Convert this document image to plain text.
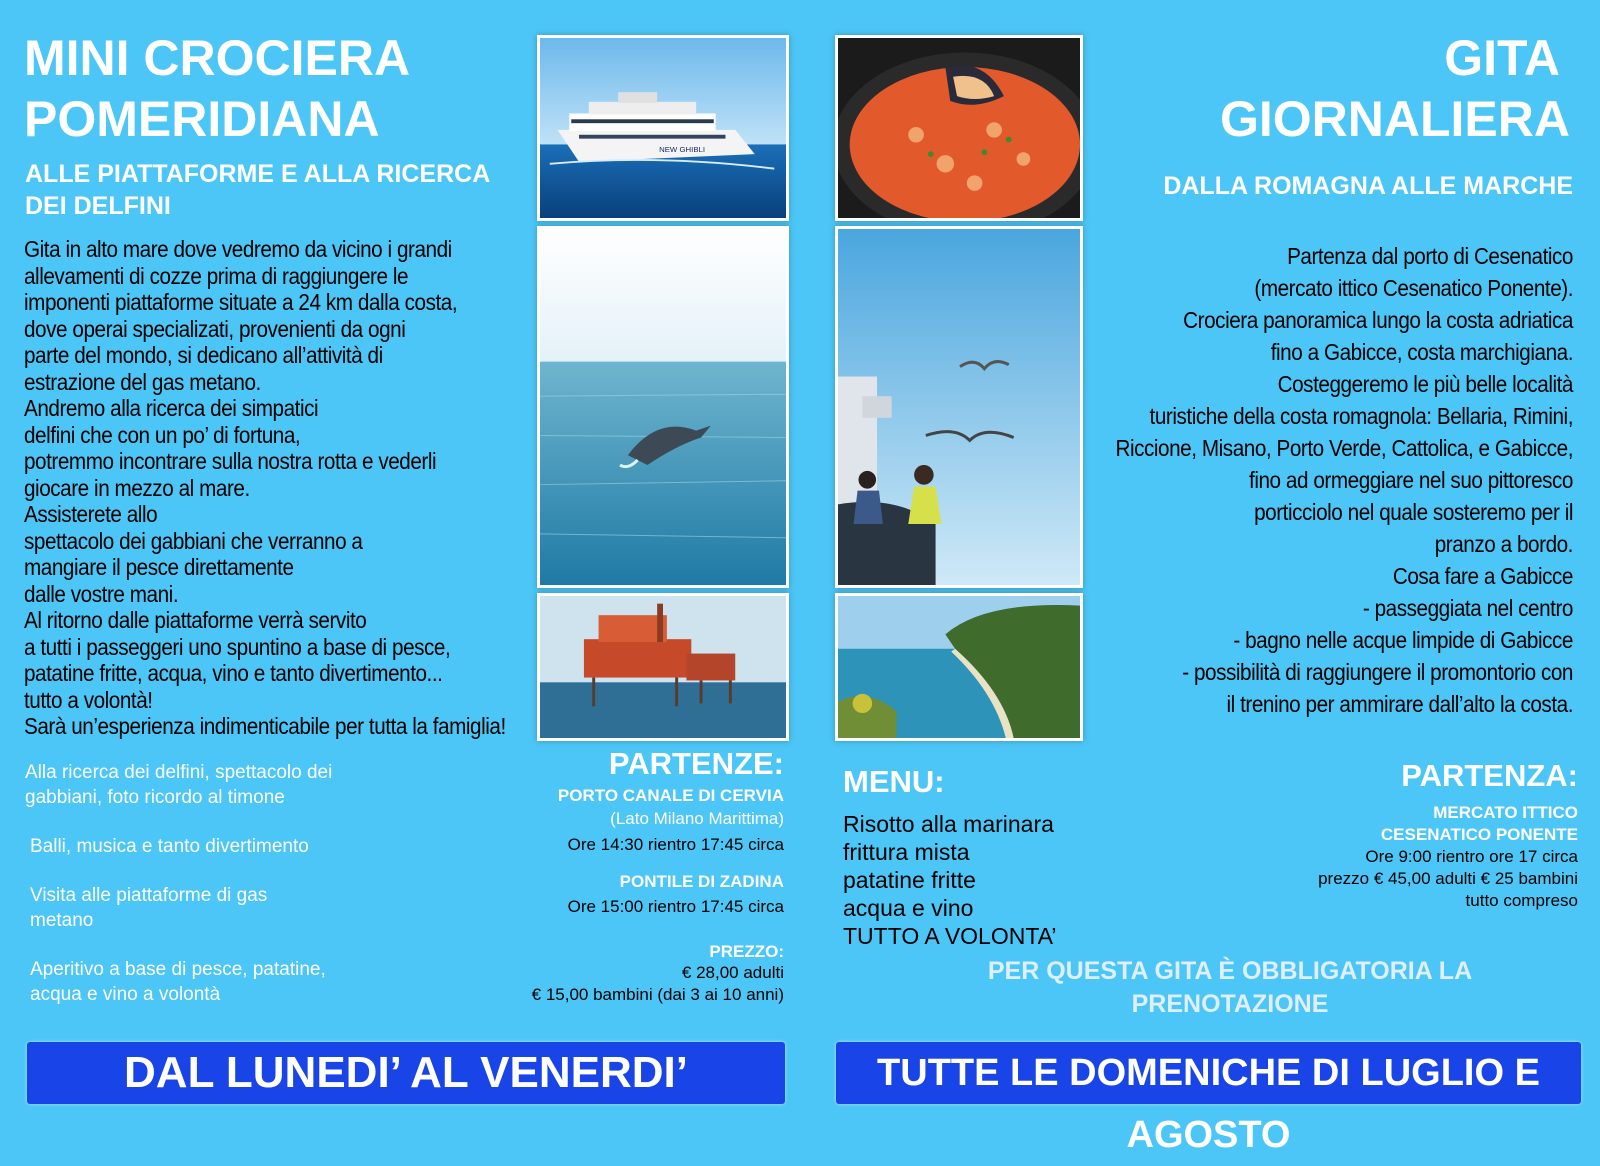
MINI CROCIERA
POMERIDIANA
ALLE PIATTAFORME E ALLA RICERCA
DEI DELFINI
Gita in alto mare dove vedremo da vicino i grandi
allevamenti di cozze prima di raggiungere le
imponenti piattaforme situate a 24 km dalla costa,
dove operai specializati, provenienti da ogni
parte del mondo, si dedicano all’attività di
estrazione del gas metano.
Andremo alla ricerca dei simpatici
delfini che con un po’ di fortuna,
potremmo incontrare sulla nostra rotta e vederli
giocare in mezzo al mare.
Assisterete allo
spettacolo dei gabbiani che verranno a
mangiare il pesce direttamente
dalle vostre mani.
Al ritorno dalle piattaforme verrà servito
a tutti i passeggeri uno spuntino a base di pesce,
patatine fritte, acqua, vino e tanto divertimento...
tutto a volontà!
Sarà un’esperienza indimenticabile per tutta la famiglia!
Alla ricerca dei delfini, spettacolo dei
gabbiani, foto ricordo al timone
Balli, musica e tanto divertimento
Visita alle piattaforme di gas
metano
Aperitivo a base di pesce, patatine,
acqua e vino a volontà
PARTENZE:
PORTO CANALE DI CERVIA
(Lato Milano Marittima)
Ore 14:30 rientro 17:45 circa
PONTILE DI ZADINA
Ore 15:00 rientro 17:45 circa
PREZZO:
€ 28,00 adulti
€ 15,00 bambini (dai 3 ai 10 anni)
DAL LUNEDI’ AL VENERDI’
NEW GHIBLI
GITA
GIORNALIERA
DALLA ROMAGNA ALLE MARCHE
Partenza dal porto di Cesenatico
(mercato ittico Cesenatico Ponente).
Crociera panoramica lungo la costa adriatica
fino a Gabicce, costa marchigiana.
Costeggeremo le più belle località
turistiche della costa romagnola: Bellaria, Rimini,
Riccione, Misano, Porto Verde, Cattolica, e Gabicce,
fino ad ormeggiare nel suo pittoresco
porticciolo nel quale sosteremo per il
pranzo a bordo.
Cosa fare a Gabicce
- passeggiata nel centro
- bagno nelle acque limpide di Gabicce
- possibilità di raggiungere il promontorio con
il trenino per ammirare dall’alto la costa.
MENU:
Risotto alla marinara
frittura mista
patatine fritte
acqua e vino
TUTTO A VOLONTA’
PARTENZA:
MERCATO ITTICO
CESENATICO PONENTE
Ore 9:00 rientro ore 17 circa
prezzo € 45,00 adulti € 25 bambini
tutto compreso
PER QUESTA GITA È OBBLIGATORIA LA
PRENOTAZIONE
TUTTE LE DOMENICHE DI LUGLIO E AGOSTO
